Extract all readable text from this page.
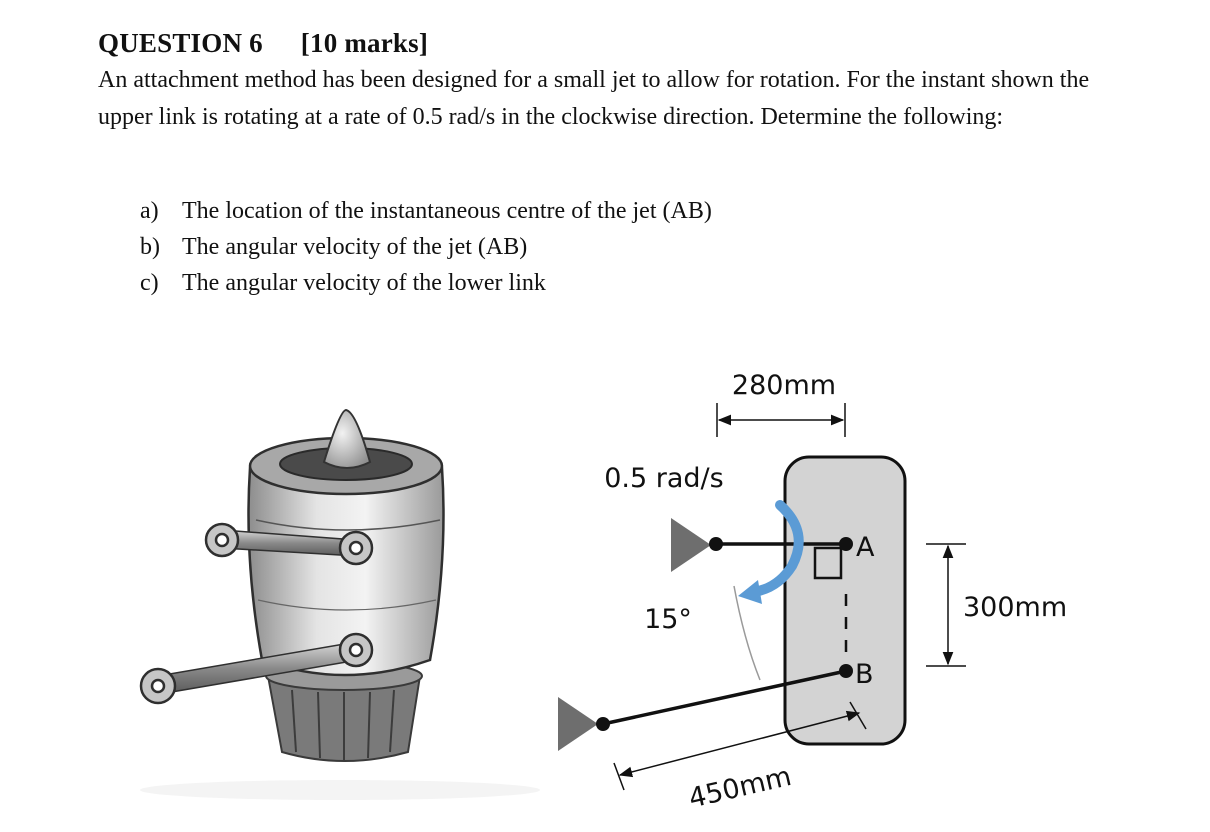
QUESTION 6 [10 marks]

An attachment method has been designed for a small jet to allow for rotation. For the instant shown the upper link is rotating at a rate of 0.5 rad/s in the clockwise direction. Determine the following:

a) The location of the instantaneous centre of the jet (AB)
b) The angular velocity of the jet (AB)
c) The angular velocity of the lower link
280mm
0.5 rad/s
15°
A
B
300mm
450mm
